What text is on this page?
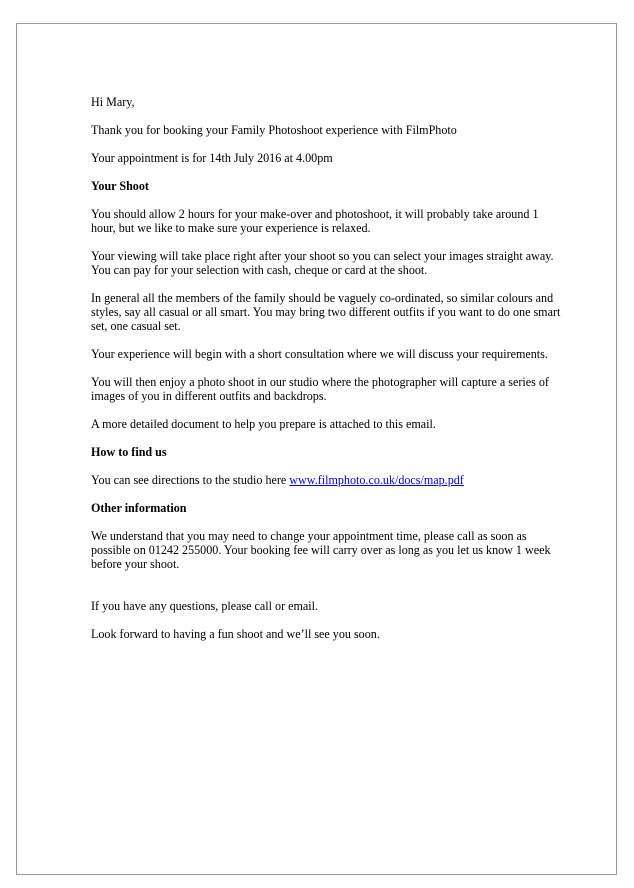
Hi Mary,

Thank you for booking your Family Photoshoot experience with FilmPhoto

Your appointment is for 14th July 2016 at 4.00pm

Your Shoot

You should allow 2 hours for your make-over and photoshoot, it will probably take around 1 hour, but we like to make sure your experience is relaxed.

Your viewing will take place right after your shoot so you can select your images straight away. You can pay for your selection with cash, cheque or card at the shoot.

In general all the members of the family should be vaguely co-ordinated, so similar colours and styles, say all casual or all smart. You may bring two different outfits if you want to do one smart set, one casual set.

Your experience will begin with a short consultation where we will discuss your requirements.

You will then enjoy a photo shoot in our studio where the photographer will capture a series of images of you in different outfits and backdrops.

A more detailed document to help you prepare is attached to this email.

How to find us

You can see directions to the studio here www.filmphoto.co.uk/docs/map.pdf

Other information

We understand that you may need to change your appointment time, please call as soon as possible on 01242 255000. Your booking fee will carry over as long as you let us know 1 week before your shoot.

If you have any questions, please call or email.

Look forward to having a fun shoot and we’ll see you soon.
